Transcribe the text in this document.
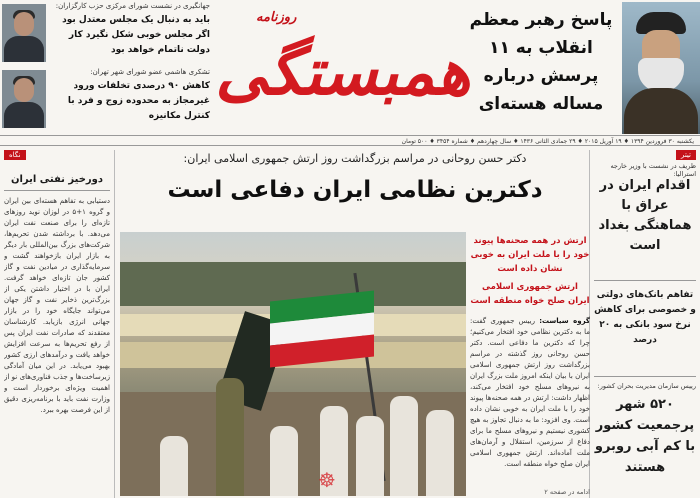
پاسخ رهبر معظم انقلاب به ۱۱ پرسش درباره مساله هسته‌ای
روزنامه
همبستگی
جهانگیری در نشست شورای مرکزی حزب کارگزاران:
باید به دنبال یک مجلس معتدل بود اگر مجلس خوبی شکل نگیرد کار دولت ناتمام خواهد بود
تشکری هاشمی عضو شورای شهر تهران:
کاهش ۹۰ درصدی تخلفات ورود غیرمجاز به محدوده زوج و فرد با کنترل مکانیزه
یکشنبه ۳۰ فروردین ۱۳۹۴ ♦ ۱۹ آوریل ۲۰۱۵ ♦ ۲۹ جمادی الثانی ۱۴۳۶ ♦ سال چهاردهم ♦ شماره ۳۴۵۴ ♦ ۵۰۰ تومان
تیتر
ظریف در نشست با وزیر خارجه استرالیا:
اقدام ایران در عراق با هماهنگی بغداد است
تفاهم بانک‌های دولتی و خصوصی برای کاهش نرخ سود بانکی به ۲۰ درصد
رییس سازمان مدیریت بحران کشور:
۵۲۰ شهر پرجمعیت کشور با کم آبی روبرو هستند
دکتر حسن روحانی در مراسم بزرگداشت روز ارتش جمهوری اسلامی ایران:
دکترین نظامی ایران دفاعی است
ارتش در همه صحنه‌ها پیوند خود را با ملت ایران به خوبی نشان داده است
ارتش جمهوری اسلامی ایران صلح خواه منطقه است
گروه سیاست: رییس جمهوری گفت: ما به دکترین نظامی خود افتخار می‌کنیم؛ چرا که دکترین ما دفاعی است. دکتر حسن روحانی روز گذشته در مراسم بزرگداشت روز ارتش جمهوری اسلامی ایران با بیان اینکه امروز ملت بزرگ ایران به نیروهای مسلح خود افتخار می‌کند، اظهار داشت: ارتش در همه صحنه‌ها پیوند خود را با ملت ایران به خوبی نشان داده است. وی افزود: ما به دنبال تجاوز به هیچ کشوری نیستیم و نیروهای مسلح ما برای دفاع از سرزمین، استقلال و آرمان‌های ملت آماده‌اند. ارتش جمهوری اسلامی ایران صلح خواه منطقه است.
ادامه در صفحه ۲
نگاه
دورخیز نفتی ایران
دستیابی به تفاهم هسته‌ای بین ایران و گروه ۱+۵ در لوزان نوید روزهای تازه‌ای را برای صنعت نفت ایران می‌دهد. با برداشته شدن تحریم‌ها، شرکت‌های بزرگ بین‌المللی بار دیگر به بازار ایران بازخواهند گشت و سرمایه‌گذاری در میادین نفت و گاز کشور جان تازه‌ای خواهد گرفت. ایران با در اختیار داشتن یکی از بزرگ‌ترین ذخایر نفت و گاز جهان می‌تواند جایگاه خود را در بازار جهانی انرژی بازیابد. کارشناسان معتقدند که صادرات نفت ایران پس از رفع تحریم‌ها به سرعت افزایش خواهد یافت و درآمدهای ارزی کشور بهبود می‌یابد. در این میان آمادگی زیرساخت‌ها و جذب فناوری‌های نو از اهمیت ویژه‌ای برخوردار است و وزارت نفت باید با برنامه‌ریزی دقیق از این فرصت بهره ببرد.
☸
